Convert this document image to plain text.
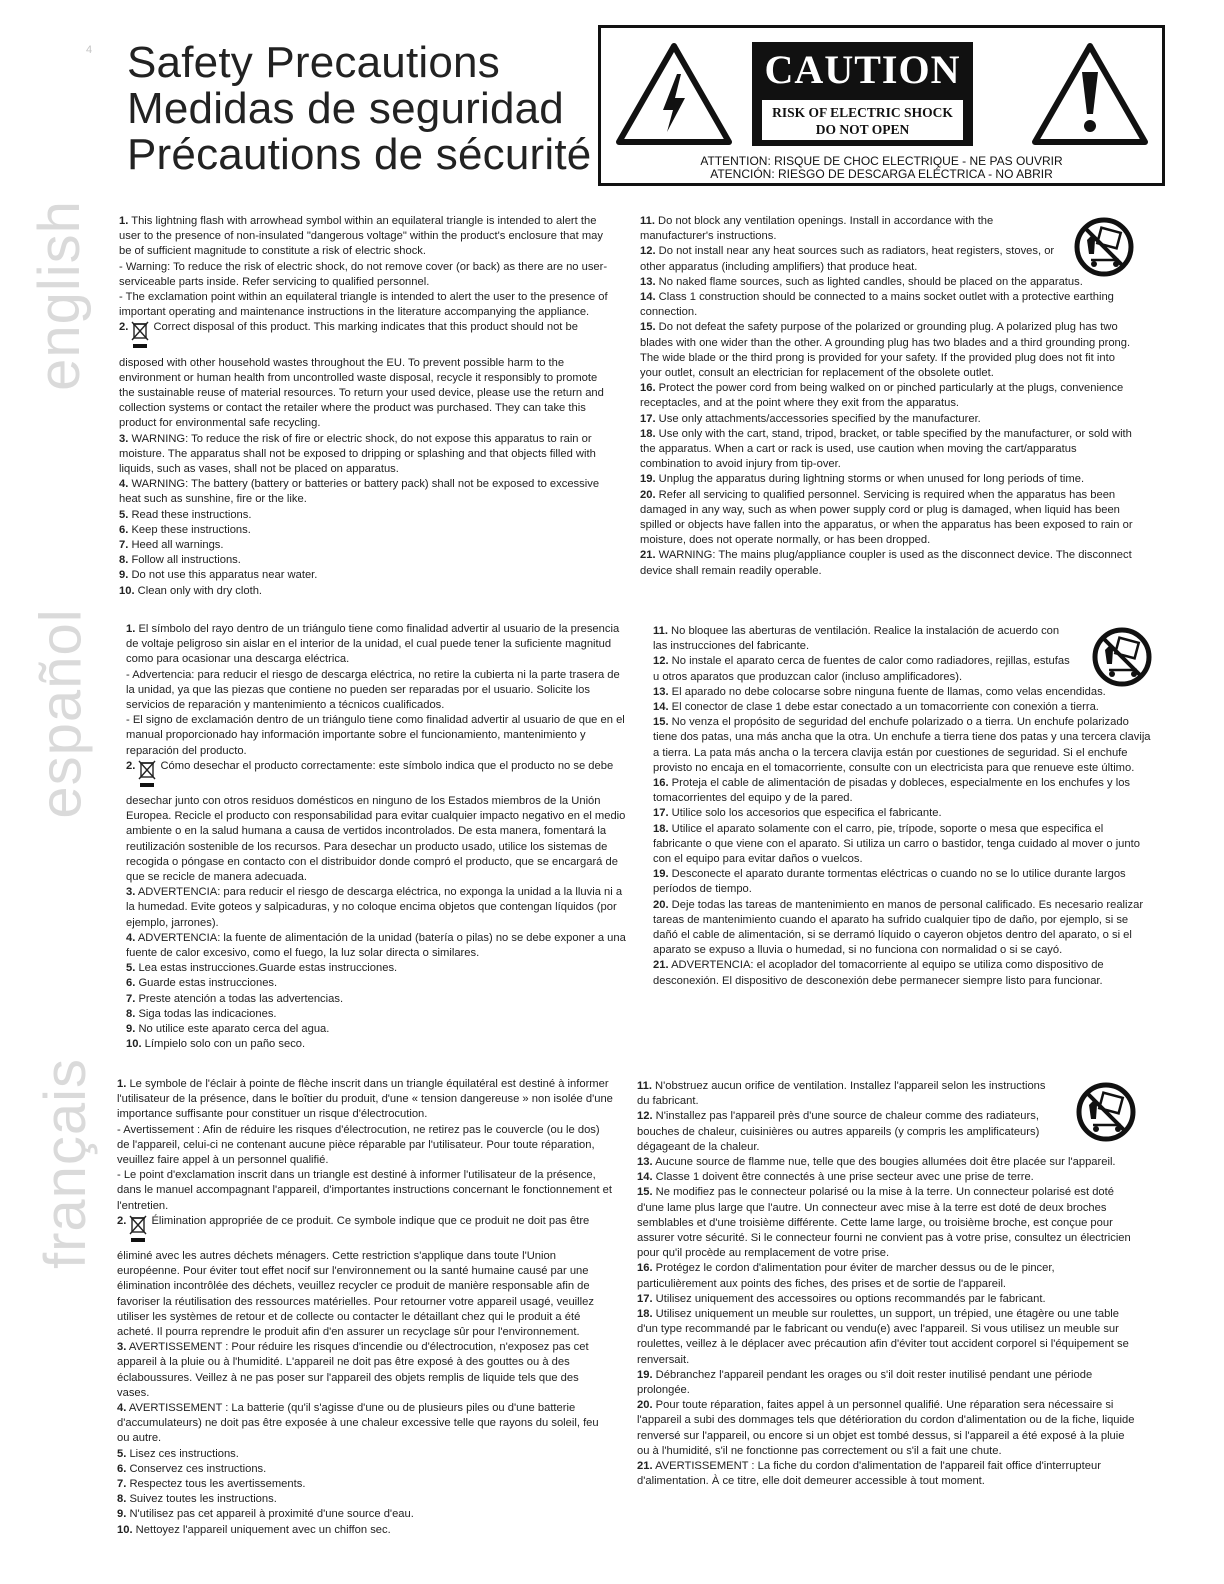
4 Safety Precautions
Medidas de seguridad
Précautions de sécurité
CAUTION
RISK OF ELECTRIC SHOCK
DO NOT OPEN
ATTENTION: RISQUE DE CHOC ELECTRIQUE - NE PAS OUVRIR
ATENCIÓN: RIESGO DE DESCARGA ELÉCTRICA - NO ABRIR
english
español
français

1. This lightning flash with arrowhead symbol within an equilateral triangle is intended to alert the user to the presence of non-insulated "dangerous voltage" within the product's enclosure that may be of sufficient magnitude to constitute a risk of electric shock.

- Warning: To reduce the risk of electric shock, do not remove cover (or back) as there are no user-serviceable parts inside. Refer servicing to qualified personnel.

- The exclamation point within an equilateral triangle is intended to alert the user to the presence of important operating and maintenance instructions in the literature accompanying the appliance.

2. Correct disposal of this product. This marking indicates that this product should not be disposed with other household wastes throughout the EU. To prevent possible harm to the environment or human health from uncontrolled waste disposal, recycle it responsibly to promote the sustainable reuse of material resources. To return your used device, please use the return and collection systems or contact the retailer where the product was purchased. They can take this product for environmental safe recycling.

3. WARNING: To reduce the risk of fire or electric shock, do not expose this apparatus to rain or moisture. The apparatus shall not be exposed to dripping or splashing and that objects filled with liquids, such as vases, shall not be placed on apparatus.

4. WARNING: The battery (battery or batteries or battery pack) shall not be exposed to excessive heat such as sunshine, fire or the like.

5. Read these instructions.

6. Keep these instructions.

7. Heed all warnings.

8. Follow all instructions.

9. Do not use this apparatus near water.

10. Clean only with dry cloth.

11. Do not block any ventilation openings. Install in accordance with the manufacturer's instructions.

12. Do not install near any heat sources such as radiators, heat registers, stoves, or other apparatus (including amplifiers) that produce heat.

13. No naked flame sources, such as lighted candles, should be placed on the apparatus.

14. Class 1 construction should be connected to a mains socket outlet with a protective earthing connection.

15. Do not defeat the safety purpose of the polarized or grounding plug. A polarized plug has two blades with one wider than the other. A grounding plug has two blades and a third grounding prong. The wide blade or the third prong is provided for your safety. If the provided plug does not fit into your outlet, consult an electrician for replacement of the obsolete outlet.

16. Protect the power cord from being walked on or pinched particularly at the plugs, convenience receptacles, and at the point where they exit from the apparatus.

17. Use only attachments/accessories specified by the manufacturer.

18. Use only with the cart, stand, tripod, bracket, or table specified by the manufacturer, or sold with the apparatus. When a cart or rack is used, use caution when moving the cart/apparatus combination to avoid injury from tip-over.

19. Unplug the apparatus during lightning storms or when unused for long periods of time.

20. Refer all servicing to qualified personnel. Servicing is required when the apparatus has been damaged in any way, such as when power supply cord or plug is damaged, when liquid has been spilled or objects have fallen into the apparatus, or when the apparatus has been exposed to rain or moisture, does not operate normally, or has been dropped.

21. WARNING: The mains plug/appliance coupler is used as the disconnect device. The disconnect device shall remain readily operable.

1. El símbolo del rayo dentro de un triángulo tiene como finalidad advertir al usuario de la presencia de voltaje peligroso sin aislar en el interior de la unidad, el cual puede tener la suficiente magnitud como para ocasionar una descarga eléctrica.

- Advertencia: para reducir el riesgo de descarga eléctrica, no retire la cubierta ni la parte trasera de la unidad, ya que las piezas que contiene no pueden ser reparadas por el usuario. Solicite los servicios de reparación y mantenimiento a técnicos cualificados.

- El signo de exclamación dentro de un triángulo tiene como finalidad advertir al usuario de que en el manual proporcionado hay información importante sobre el funcionamiento, mantenimiento y reparación del producto.

2. Cómo desechar el producto correctamente: este símbolo indica que el producto no se debe desechar junto con otros residuos domésticos en ninguno de los Estados miembros de la Unión Europea. Recicle el producto con responsabilidad para evitar cualquier impacto negativo en el medio ambiente o en la salud humana a causa de vertidos incontrolados. De esta manera, fomentará la reutilización sostenible de los recursos. Para desechar un producto usado, utilice los sistemas de recogida o póngase en contacto con el distribuidor donde compró el producto, que se encargará de que se recicle de manera adecuada.

3. ADVERTENCIA: para reducir el riesgo de descarga eléctrica, no exponga la unidad a la lluvia ni a la humedad. Evite goteos y salpicaduras, y no coloque encima objetos que contengan líquidos (por ejemplo, jarrones).

4. ADVERTENCIA: la fuente de alimentación de la unidad (batería o pilas) no se debe exponer a una fuente de calor excesivo, como el fuego, la luz solar directa o similares.

5. Lea estas instrucciones.Guarde estas instrucciones.

6. Guarde estas instrucciones.

7. Preste atención a todas las advertencias.

8. Siga todas las indicaciones.

9. No utilice este aparato cerca del agua.

10. Límpielo solo con un paño seco.

11. No bloquee las aberturas de ventilación. Realice la instalación de acuerdo con las instrucciones del fabricante.

12. No instale el aparato cerca de fuentes de calor como radiadores, rejillas, estufas u otros aparatos que produzcan calor (incluso amplificadores).

13. El aparado no debe colocarse sobre ninguna fuente de llamas, como velas encendidas.

14. El conector de clase 1 debe estar conectado a un tomacorriente con conexión a tierra.

15. No venza el propósito de seguridad del enchufe polarizado o a tierra. Un enchufe polarizado tiene dos patas, una más ancha que la otra. Un enchufe a tierra tiene dos patas y una tercera clavija a tierra. La pata más ancha o la tercera clavija están por cuestiones de seguridad. Si el enchufe provisto no encaja en el tomacorriente, consulte con un electricista para que renueve este último.

16. Proteja el cable de alimentación de pisadas y dobleces, especialmente en los enchufes y los tomacorrientes del equipo y de la pared.

17. Utilice solo los accesorios que especifica el fabricante.

18. Utilice el aparato solamente con el carro, pie, trípode, soporte o mesa que especifica el fabricante o que viene con el aparato. Si utiliza un carro o bastidor, tenga cuidado al mover o junto con el equipo para evitar daños o vuelcos.

19. Desconecte el aparato durante tormentas eléctricas o cuando no se lo utilice durante largos períodos de tiempo.

20. Deje todas las tareas de mantenimiento en manos de personal calificado. Es necesario realizar tareas de mantenimiento cuando el aparato ha sufrido cualquier tipo de daño, por ejemplo, si se dañó el cable de alimentación, si se derramó líquido o cayeron objetos dentro del aparato, o si el aparato se expuso a lluvia o humedad, si no funciona con normalidad o si se cayó.

21. ADVERTENCIA: el acoplador del tomacorriente al equipo se utiliza como dispositivo de desconexión. El dispositivo de desconexión debe permanecer siempre listo para funcionar.

1. Le symbole de l'éclair à pointe de flèche inscrit dans un triangle équilatéral est destiné à informer l'utilisateur de la présence, dans le boîtier du produit, d'une « tension dangereuse » non isolée d'une importance suffisante pour constituer un risque d'électrocution.

- Avertissement : Afin de réduire les risques d'électrocution, ne retirez pas le couvercle (ou le dos) de l'appareil, celui-ci ne contenant aucune pièce réparable par l'utilisateur. Pour toute réparation, veuillez faire appel à un personnel qualifié.

- Le point d'exclamation inscrit dans un triangle est destiné à informer l'utilisateur de la présence, dans le manuel accompagnant l'appareil, d'importantes instructions concernant le fonctionnement et l'entretien.

2. Élimination appropriée de ce produit. Ce symbole indique que ce produit ne doit pas être éliminé avec les autres déchets ménagers. Cette restriction s'applique dans toute l'Union européenne. Pour éviter tout effet nocif sur l'environnement ou la santé humaine causé par une élimination incontrôlée des déchets, veuillez recycler ce produit de manière responsable afin de favoriser la réutilisation des ressources matérielles. Pour retourner votre appareil usagé, veuillez utiliser les systèmes de retour et de collecte ou contacter le détaillant chez qui le produit a été acheté. Il pourra reprendre le produit afin d'en assurer un recyclage sûr pour l'environnement.

3. AVERTISSEMENT : Pour réduire les risques d'incendie ou d'électrocution, n'exposez pas cet appareil à la pluie ou à l'humidité. L'appareil ne doit pas être exposé à des gouttes ou à des éclaboussures. Veillez à ne pas poser sur l'appareil des objets remplis de liquide tels que des vases.

4. AVERTISSEMENT : La batterie (qu'il s'agisse d'une ou de plusieurs piles ou d'une batterie d'accumulateurs) ne doit pas être exposée à une chaleur excessive telle que rayons du soleil, feu ou autre.

5. Lisez ces instructions.

6. Conservez ces instructions.

7. Respectez tous les avertissements.

8. Suivez toutes les instructions.

9. N'utilisez pas cet appareil à proximité d'une source d'eau.

10. Nettoyez l'appareil uniquement avec un chiffon sec.

11. N'obstruez aucun orifice de ventilation. Installez l'appareil selon les instructions du fabricant.

12. N'installez pas l'appareil près d'une source de chaleur comme des radiateurs, bouches de chaleur, cuisinières ou autres appareils (y compris les amplificateurs) dégageant de la chaleur.

13. Aucune source de flamme nue, telle que des bougies allumées doit être placée sur l'appareil.

14. Classe 1 doivent être connectés à une prise secteur avec une prise de terre.

15. Ne modifiez pas le connecteur polarisé ou la mise à la terre. Un connecteur polarisé est doté d'une lame plus large que l'autre. Un connecteur avec mise à la terre est doté de deux broches semblables et d'une troisième différente. Cette lame large, ou troisième broche, est conçue pour assurer votre sécurité. Si le connecteur fourni ne convient pas à votre prise, consultez un électricien pour qu'il procède au remplacement de votre prise.

16. Protégez le cordon d'alimentation pour éviter de marcher dessus ou de le pincer, particulièrement aux points des fiches, des prises et de sortie de l'appareil.

17. Utilisez uniquement des accessoires ou options recommandés par le fabricant.

18. Utilisez uniquement un meuble sur roulettes, un support, un trépied, une étagère ou une table d'un type recommandé par le fabricant ou vendu(e) avec l'appareil. Si vous utilisez un meuble sur roulettes, veillez à le déplacer avec précaution afin d'éviter tout accident corporel si l'équipement se renversait.

19. Débranchez l'appareil pendant les orages ou s'il doit rester inutilisé pendant une période prolongée.

20. Pour toute réparation, faites appel à un personnel qualifié. Une réparation sera nécessaire si l'appareil a subi des dommages tels que détérioration du cordon d'alimentation ou de la fiche, liquide renversé sur l'appareil, ou encore si un objet est tombé dessus, si l'appareil a été exposé à la pluie ou à l'humidité, s'il ne fonctionne pas correctement ou s'il a fait une chute.

21. AVERTISSEMENT : La fiche du cordon d'alimentation de l'appareil fait office d'interrupteur d'alimentation. À ce titre, elle doit demeurer accessible à tout moment.
